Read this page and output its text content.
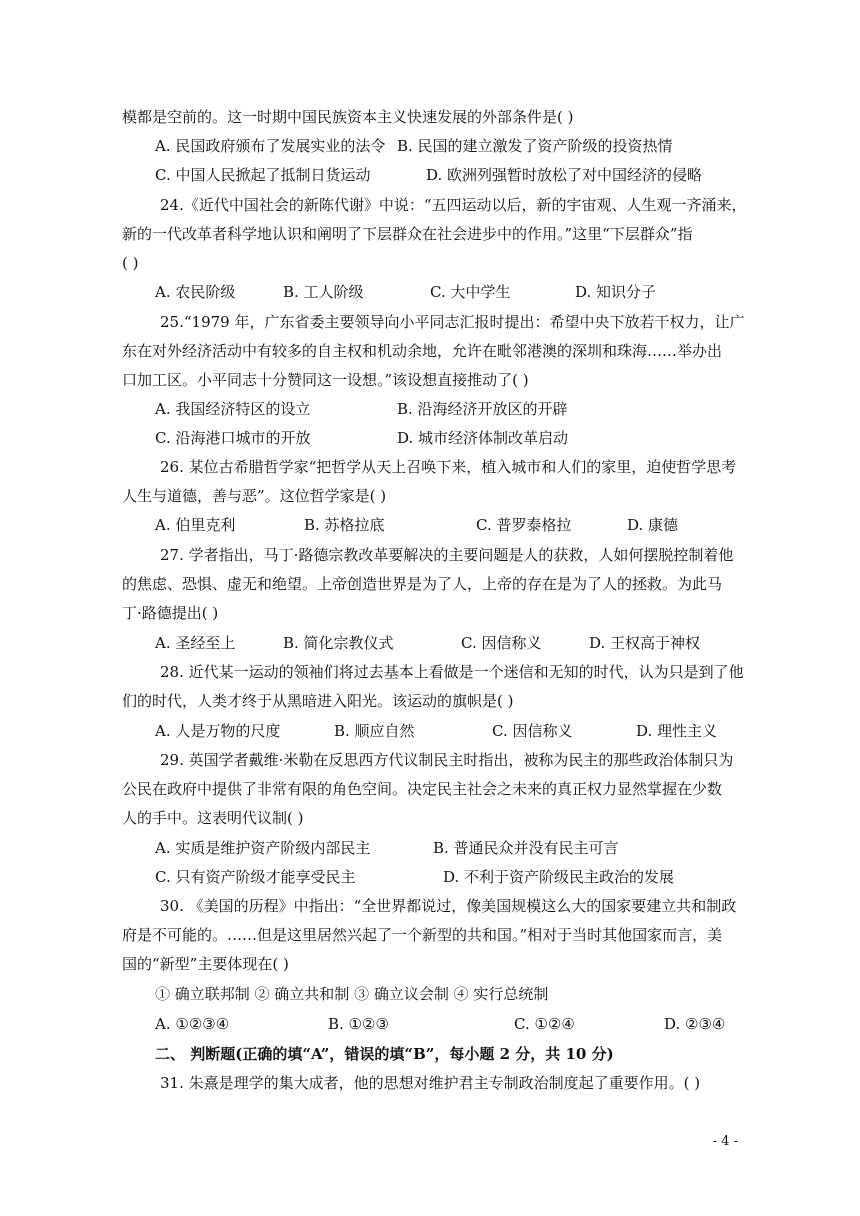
模都是空前的。这一时期中国民族资本主义快速发展的外部条件是( )
24.《近代中国社会的新陈代谢》中说：“五四运动以后，新的宇宙观、人生观一齐涌来，
新的一代改革者科学地认识和阐明了下层群众在社会进步中的作用。”这里“下层群众”指
( )
25.“1979 年，广东省委主要领导向小平同志汇报时提出：希望中央下放若干权力，让广
东在对外经济活动中有较多的自主权和机动余地，允许在毗邻港澳的深圳和珠海……举办出
口加工区。小平同志十分赞同这一设想。”该设想直接推动了( )
26. 某位古希腊哲学家“把哲学从天上召唤下来，植入城市和人们的家里，迫使哲学思考
人生与道德，善与恶”。这位哲学家是( )
27. 学者指出，马丁·路德宗教改革要解决的主要问题是人的获救，人如何摆脱控制着他
的焦虑、恐惧、虚无和绝望。上帝创造世界是为了人，上帝的存在是为了人的拯救。为此马
丁·路德提出( )
28. 近代某一运动的领袖们将过去基本上看做是一个迷信和无知的时代，认为只是到了他
们的时代，人类才终于从黑暗进入阳光。该运动的旗帜是( )
29. 英国学者戴维·米勒在反思西方代议制民主时指出，被称为民主的那些政治体制只为
公民在政府中提供了非常有限的角色空间。决定民主社会之未来的真正权力显然掌握在少数
人的手中。这表明代议制( )
30. 《美国的历程》中指出：“全世界都说过，像美国规模这么大的国家要建立共和制政
府是不可能的。……但是这里居然兴起了一个新型的共和国。”相对于当时其他国家而言，美
国的“新型”主要体现在( )
① 确立联邦制 ② 确立共和制 ③ 确立议会制 ④ 实行总统制
31. 朱熹是理学的集大成者，他的思想对维护君主专制政治制度起了重要作用。( )
A. 民国政府颁布了发展实业的法令 B. 民国的建立激发了资产阶级的投资热情
C. 中国人民掀起了抵制日货运动	D. 欧洲列强暂时放松了对中国经济的侵略
A. 农民阶级	B. 工人阶级	C. 大中学生	D. 知识分子
A. 我国经济特区的设立	B. 沿海经济开放区的开辟
C. 沿海港口城市的开放	D. 城市经济体制改革启动
A. 伯里克利	B. 苏格拉底	C. 普罗泰格拉	D. 康德
A. 圣经至上	B. 简化宗教仪式	C. 因信称义	D. 王权高于神权
A. 人是万物的尺度	B. 顺应自然	C. 因信称义	D. 理性主义
A. 实质是维护资产阶级内部民主	B. 普通民众并没有民主可言
C. 只有资产阶级才能享受民主	D. 不利于资产阶级民主政治的发展
A. ①②③④	B. ①②③	C. ①②④	D. ②③④
二、 判断题(正确的填“A”，错误的填“B”，每小题 2 分，共 10 分)
- 4 -
